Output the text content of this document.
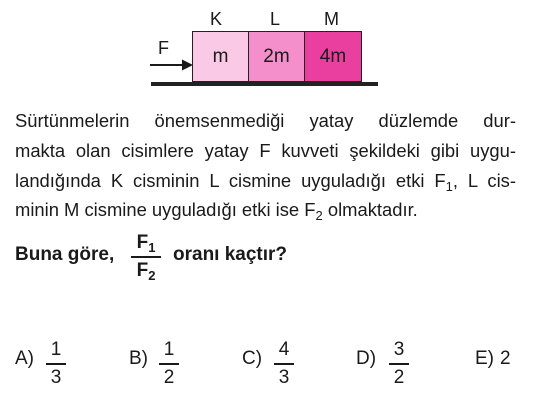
K	L M
F m 2m 4m
Sürtünmelerin önemsenmediği yatay düzlemde dur-
makta olan cisimlere yatay F kuvveti şekildeki gibi uygu-
landığında K cisminin L cismine uyguladığı etki $F_1$, L cis-
minin M cismine uyguladığı etki ise $F_2$ olmaktadır.
Buna göre,
$F_1$
$F_2$
oranı kaçtır?
A) 1
3
B) 1
2
C) 4
3
D) 3
2
E) 2
